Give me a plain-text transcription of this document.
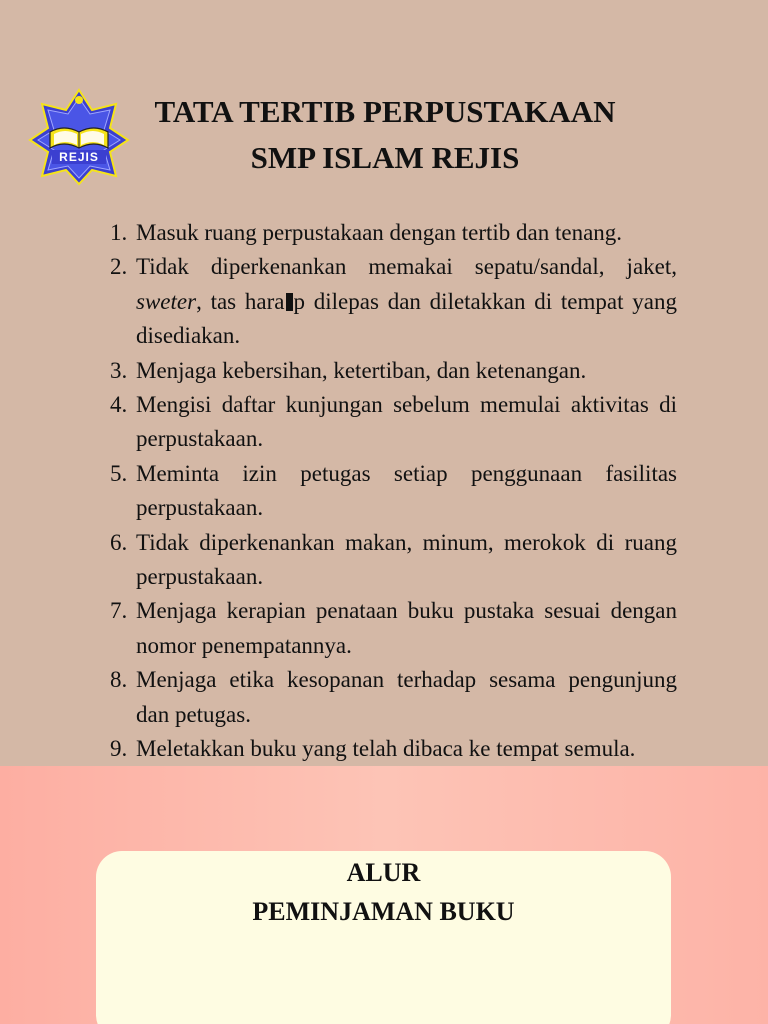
REJIS
TATA TERTIB PERPUSTAKAAN
SMP ISLAM REJIS
1. Masuk ruang perpustakaan dengan tertib dan tenang.
2. Tidak diperkenankan memakai sepatu/sandal, jaket, sweter, tas hara p dilepas dan diletakkan di tempat yang disediakan.
3. Menjaga kebersihan, ketertiban, dan ketenangan.
4. Mengisi daftar kunjungan sebelum memulai aktivitas di perpustakaan.
5. Meminta izin petugas setiap penggunaan fasilitas perpustakaan.
6. Tidak diperkenankan makan, minum, merokok di ruang perpustakaan.
7. Menjaga kerapian penataan buku pustaka sesuai dengan nomor penempatannya.
8. Menjaga etika kesopanan terhadap sesama pengunjung dan petugas.
9. Meletakkan buku yang telah dibaca ke tempat semula.
ALUR
PEMINJAMAN BUKU
